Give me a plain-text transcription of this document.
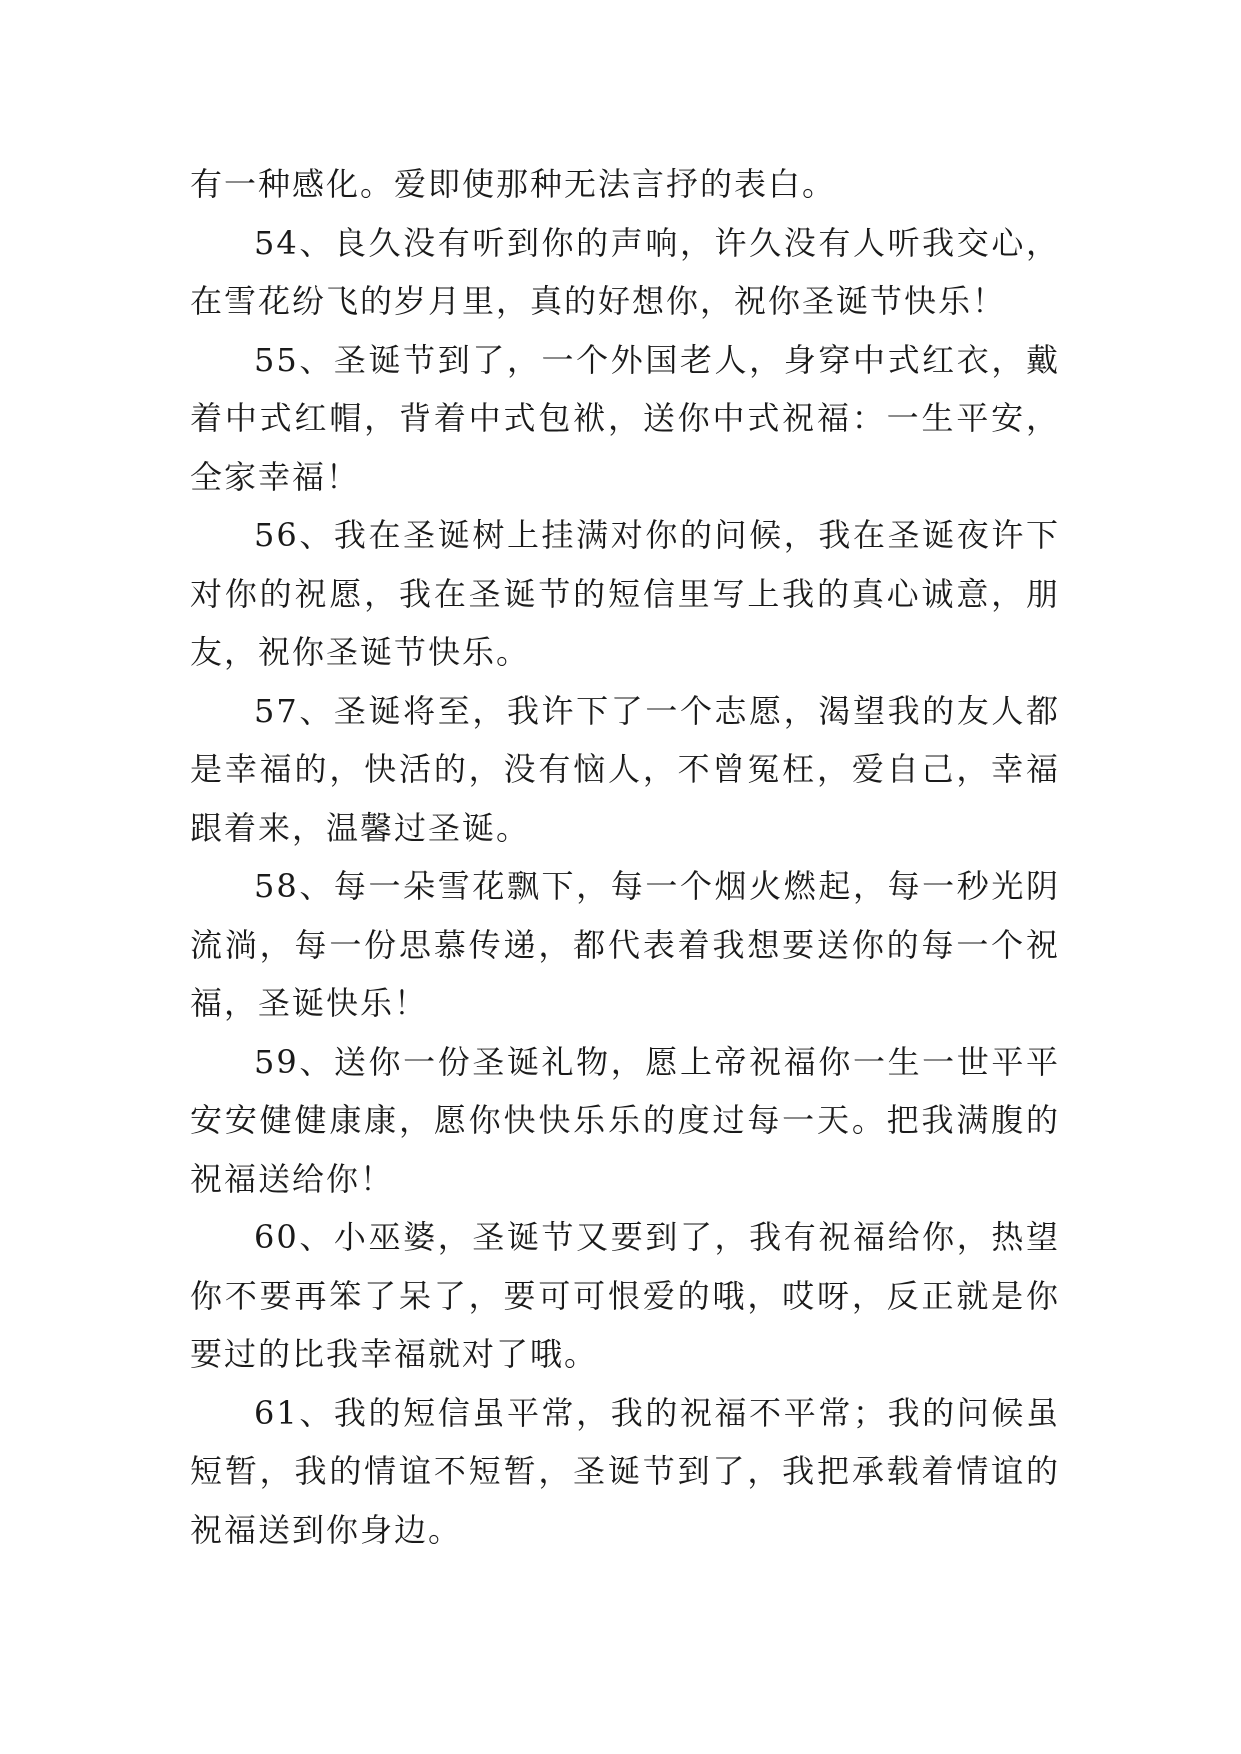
有一种感化。爱即使那种无法言抒的表白。

54、良久没有听到你的声响，许久没有人听我交心，在雪花纷飞的岁月里，真的好想你，祝你圣诞节快乐！

55、圣诞节到了，一个外国老人，身穿中式红衣，戴着中式红帽，背着中式包袱，送你中式祝福：一生平安，全家幸福！

56、我在圣诞树上挂满对你的问候，我在圣诞夜许下对你的祝愿，我在圣诞节的短信里写上我的真心诚意，朋友，祝你圣诞节快乐。

57、圣诞将至，我许下了一个志愿，渴望我的友人都是幸福的，快活的，没有恼人，不曾冤枉，爱自己，幸福跟着来，温馨过圣诞。

58、每一朵雪花飘下，每一个烟火燃起，每一秒光阴流淌，每一份思慕传递，都代表着我想要送你的每一个祝福，圣诞快乐！

59、送你一份圣诞礼物，愿上帝祝福你一生一世平平安安健健康康，愿你快快乐乐的度过每一天。把我满腹的祝福送给你！

60、小巫婆，圣诞节又要到了，我有祝福给你，热望你不要再笨了呆了，要可可恨爱的哦，哎呀，反正就是你要过的比我幸福就对了哦。

61、我的短信虽平常，我的祝福不平常；我的问候虽短暂，我的情谊不短暂，圣诞节到了，我把承载着情谊的祝福送到你身边。
